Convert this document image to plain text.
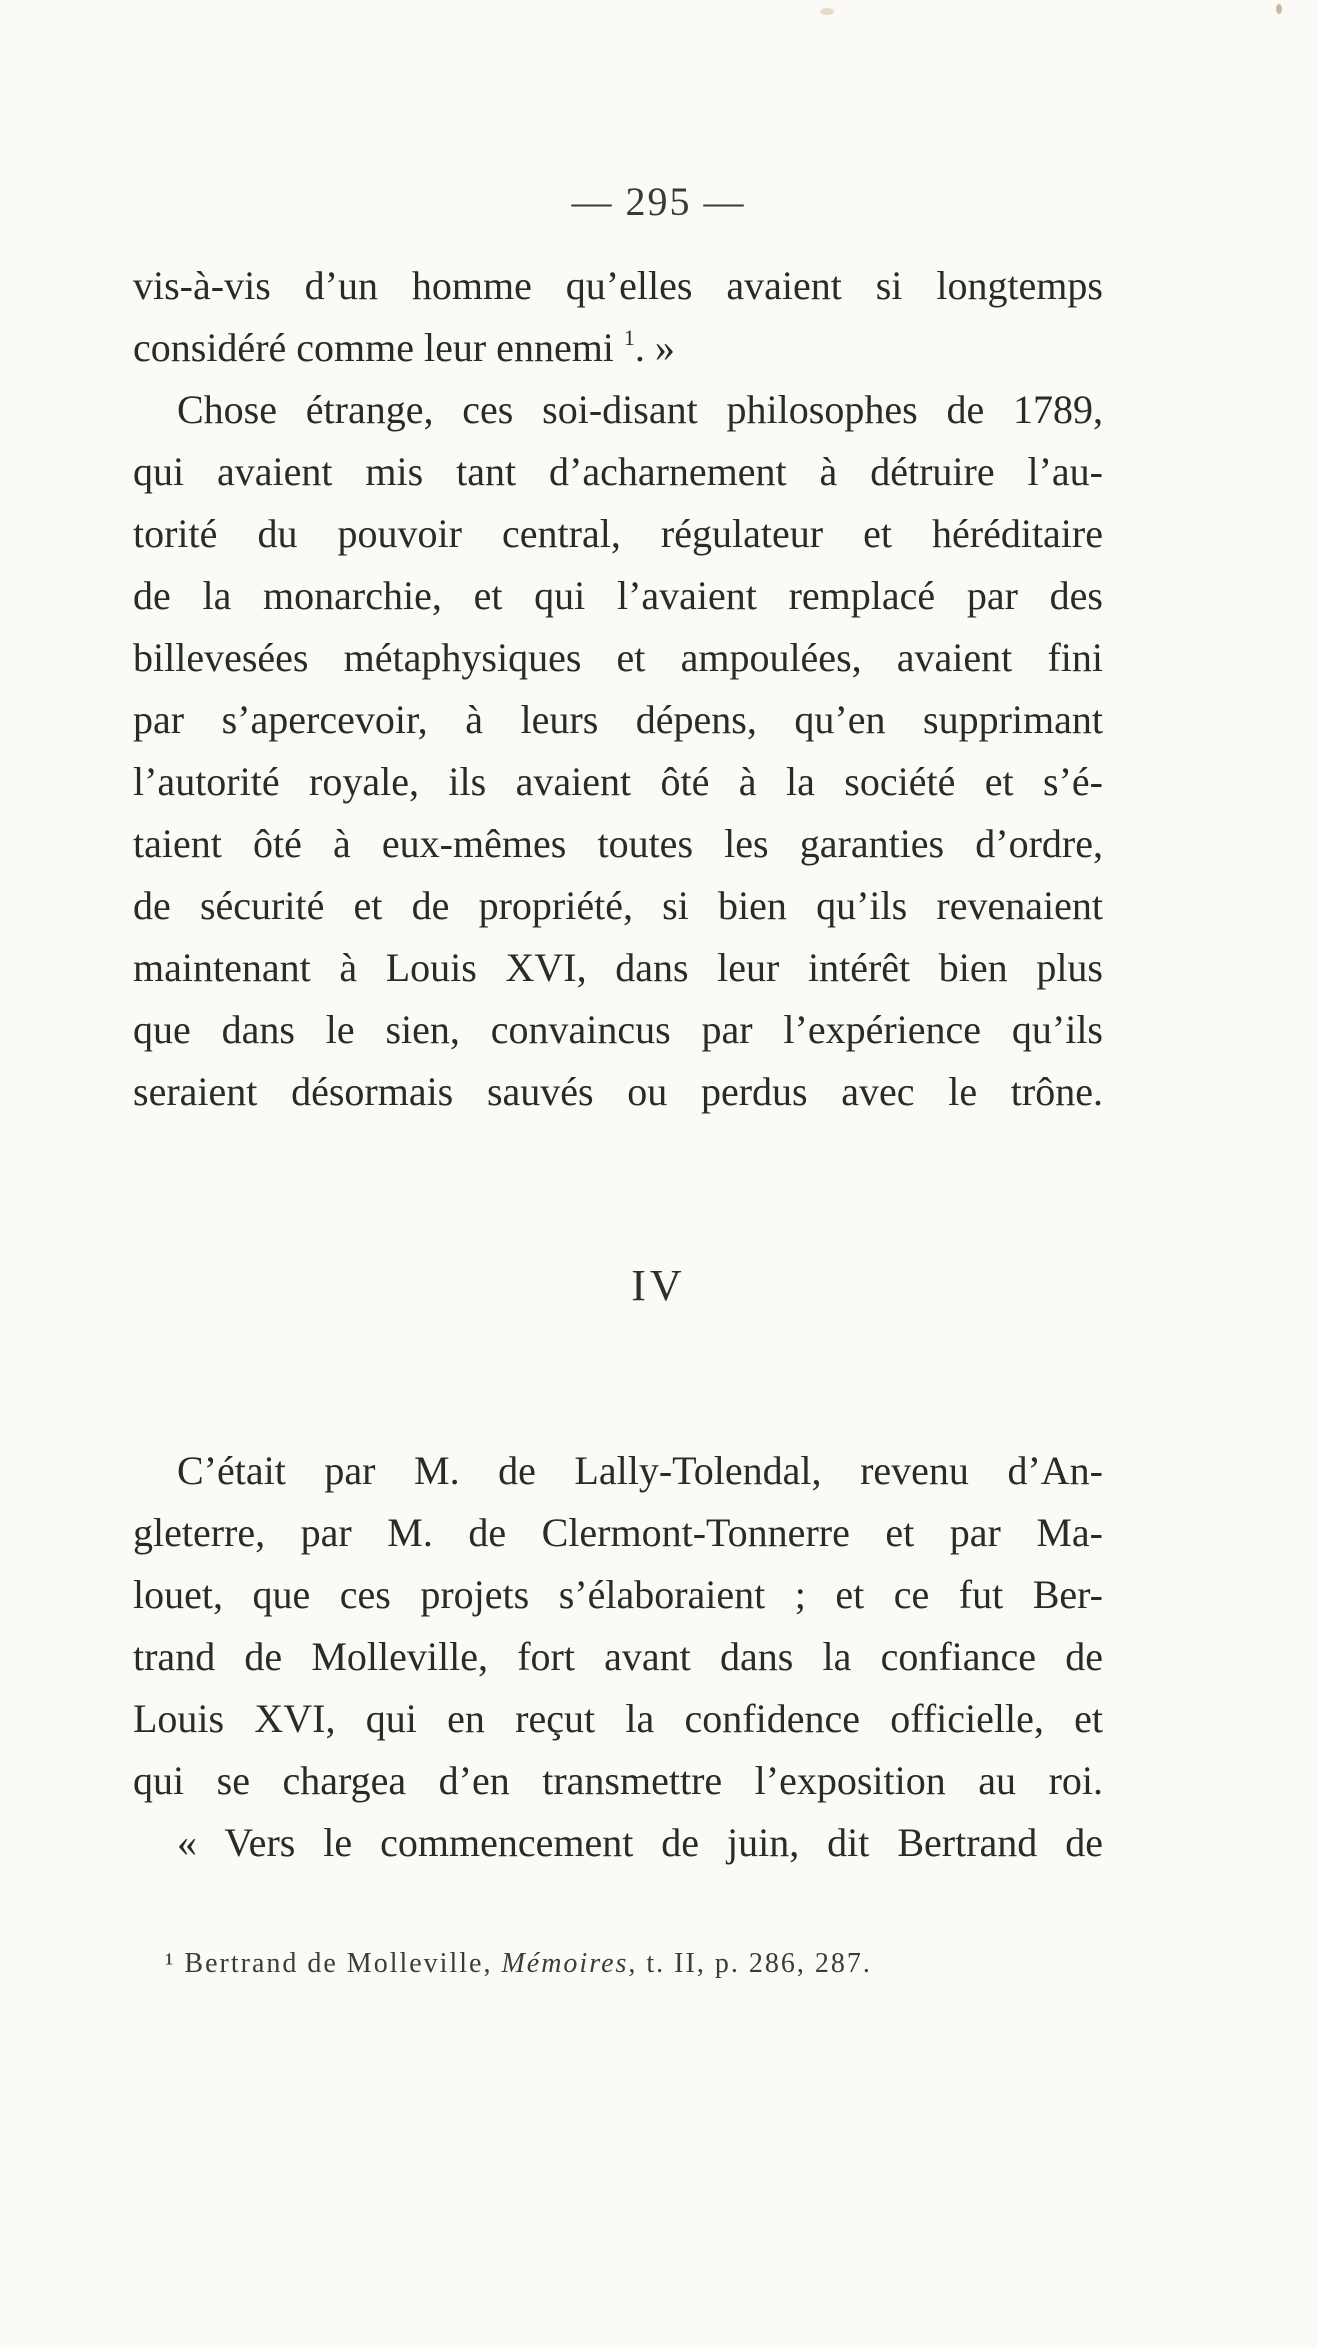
— 295 —
vis-à-vis d’un homme qu’elles avaient si longtemps
considéré comme leur ennemi $^1$. »
Chose étrange, ces soi-disant philosophes de 1789,
qui avaient mis tant d’acharnement à détruire l’au-
torité du pouvoir central, régulateur et héréditaire
de la monarchie, et qui l’avaient remplacé par des
billevesées métaphysiques et ampoulées, avaient fini
par s’apercevoir, à leurs dépens, qu’en supprimant
l’autorité royale, ils avaient ôté à la société et s’é-
taient ôté à eux-mêmes toutes les garanties d’ordre,
de sécurité et de propriété, si bien qu’ils revenaient
maintenant à Louis XVI, dans leur intérêt bien plus
que dans le sien, convaincus par l’expérience qu’ils
seraient désormais sauvés ou perdus avec le trône.
IV
C’était par M. de Lally-Tolendal, revenu d’An-
gleterre, par M. de Clermont-Tonnerre et par Ma-
louet, que ces projets s’élaboraient ; et ce fut Ber-
trand de Molleville, fort avant dans la confiance de
Louis XVI, qui en reçut la confidence officielle, et
qui se chargea d’en transmettre l’exposition au roi.
« Vers le commencement de juin, dit Bertrand de
¹ Bertrand de Molleville, Mémoires, t. II, p. 286, 287.
